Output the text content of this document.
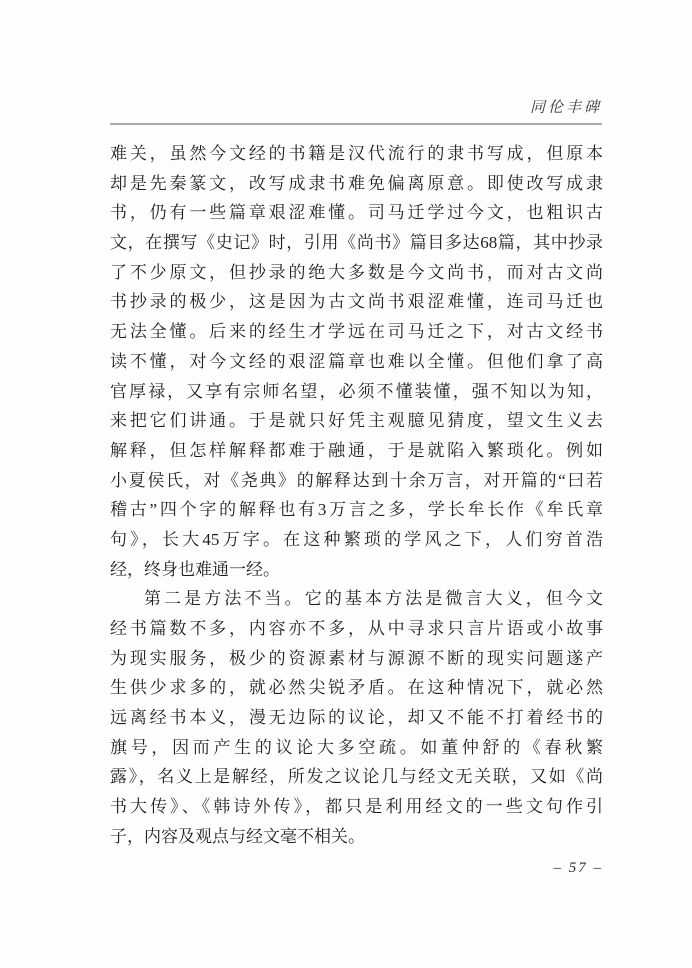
同伦丰碑
难关，虽然今文经的书籍是汉代流行的隶书写成，但原本
却是先秦篆文，改写成隶书难免偏离原意。即使改写成隶
书，仍有一些篇章艰涩难懂。司马迁学过今文，也粗识古
文，在撰写《史记》时，引用《尚书》篇目多达68篇，其中抄录
了不少原文，但抄录的绝大多数是今文尚书，而对古文尚
书抄录的极少，这是因为古文尚书艰涩难懂，连司马迁也
无法全懂。后来的经生才学远在司马迁之下，对古文经书
读不懂，对今文经的艰涩篇章也难以全懂。但他们拿了高
官厚禄，又享有宗师名望，必须不懂装懂，强不知以为知，
来把它们讲通。于是就只好凭主观臆见猜度，望文生义去
解释，但怎样解释都难于融通，于是就陷入繁琐化。例如
小夏侯氏，对《尧典》的解释达到十余万言，对开篇的“曰若
稽古”四个字的解释也有3万言之多，学长牟长作《牟氏章
句》，长大45万字。在这种繁琐的学风之下，人们穷首浩
经，终身也难通一经。
第二是方法不当。它的基本方法是微言大义，但今文
经书篇数不多，内容亦不多，从中寻求只言片语或小故事
为现实服务，极少的资源素材与源源不断的现实问题遂产
生供少求多的，就必然尖锐矛盾。在这种情况下，就必然
远离经书本义，漫无边际的议论，却又不能不打着经书的
旗号，因而产生的议论大多空疏。如董仲舒的《春秋繁
露》，名义上是解经，所发之议论几与经文无关联，又如《尚
书大传》、《韩诗外传》，都只是利用经文的一些文句作引
子，内容及观点与经文毫不相关。
– 57 –
